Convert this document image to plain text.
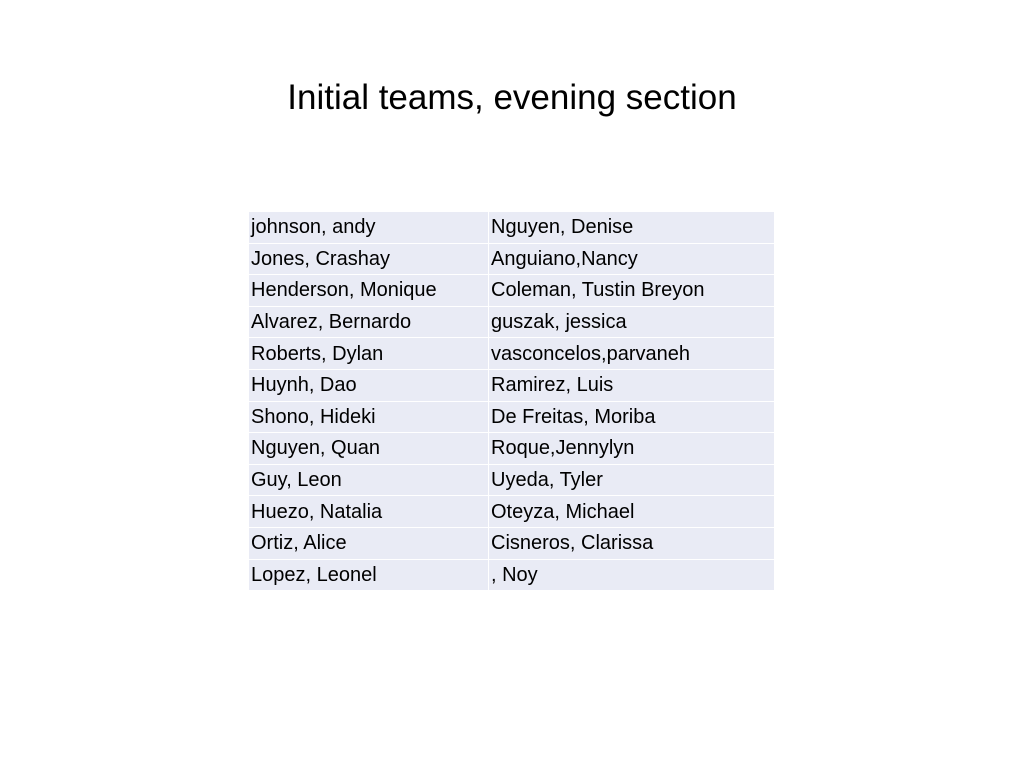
Initial teams, evening section
johnson, andy	Nguyen, Denise
Jones, Crashay	Anguiano,Nancy
Henderson, Monique	Coleman, Tustin Breyon
Alvarez, Bernardo	guszak, jessica
Roberts, Dylan	vasconcelos,parvaneh
Huynh, Dao	Ramirez, Luis
Shono, Hideki	De Freitas, Moriba
Nguyen, Quan	Roque,Jennylyn
Guy, Leon	Uyeda, Tyler
Huezo, Natalia	Oteyza, Michael
Ortiz, Alice	Cisneros, Clarissa
Lopez, Leonel	, Noy
